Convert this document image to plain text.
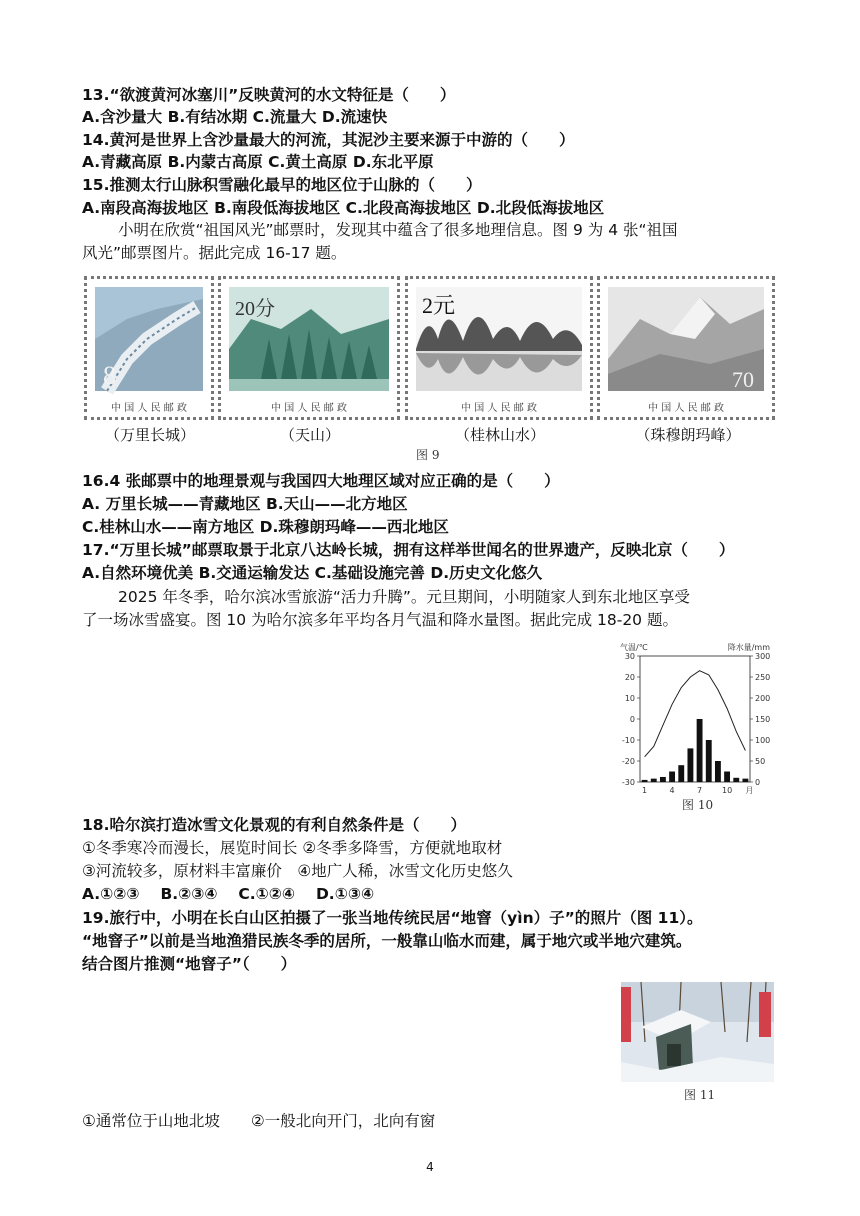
13.“欲渡黄河冰塞川”反映黄河的水文特征是（　　）
A.含沙量大 B.有结冰期 C.流量大 D.流速快
14.黄河是世界上含沙量最大的河流，其泥沙主要来源于中游的（　　）
A.青藏高原 B.内蒙古高原 C.黄土高原 D.东北平原
15.推测太行山脉积雪融化最早的地区位于山脉的（　　）
A.南段高海拔地区 B.南段低海拔地区 C.北段高海拔地区 D.北段低海拔地区
小明在欣赏“祖国风光”邮票时，发现其中蕴含了很多地理信息。图 9 为 4 张“祖国
风光”邮票图片。据此完成 16-17 题。
8
中 国 人 民 邮 政
20分
中 国 人 民 邮 政
2元
中 国 人 民 邮 政
70
中 国 人 民 邮 政
（万里长城）	（天山）	（桂林山水）	（珠穆朗玛峰）
图 9
16.4 张邮票中的地理景观与我国四大地理区域对应正确的是（　　）
A. 万里长城——青藏地区 B.天山——北方地区
C.桂林山水——南方地区 D.珠穆朗玛峰——西北地区
17.“万里长城”邮票取景于北京八达岭长城，拥有这样举世闻名的世界遗产，反映北京（　　）
A.自然环境优美 B.交通运输发达 C.基础设施完善 D.历史文化悠久
2025 年冬季，哈尔滨冰雪旅游“活力升腾”。元旦期间，小明随家人到东北地区享受
了一场冰雪盛宴。图 10 为哈尔滨多年平均各月气温和降水量图。据此完成 18-20 题。
气温/℃	降水量/mm
30
20
10
0
-10
-20
-30
300
250
200
150
100
50
0
1	4	7 10 月
图 10
18.哈尔滨打造冰雪文化景观的有利自然条件是（　　）
①冬季寒冷而漫长，展览时间长 ②冬季多降雪，方便就地取材
③河流较多，原材料丰富廉价　④地广人稀，冰雪文化历史悠久
A.①②③　 B.②③④　 C.①②④　 D.①③④
19.旅行中，小明在长白山区拍摄了一张当地传统民居“地窨（yìn）子”的照片（图 11）。
“地窨子”以前是当地渔猎民族冬季的居所，一般靠山临水而建，属于地穴或半地穴建筑。
结合图片推测“地窨子”（　　）
图 11
①通常位于山地北坡　　②一般北向开门，北向有窗
4
